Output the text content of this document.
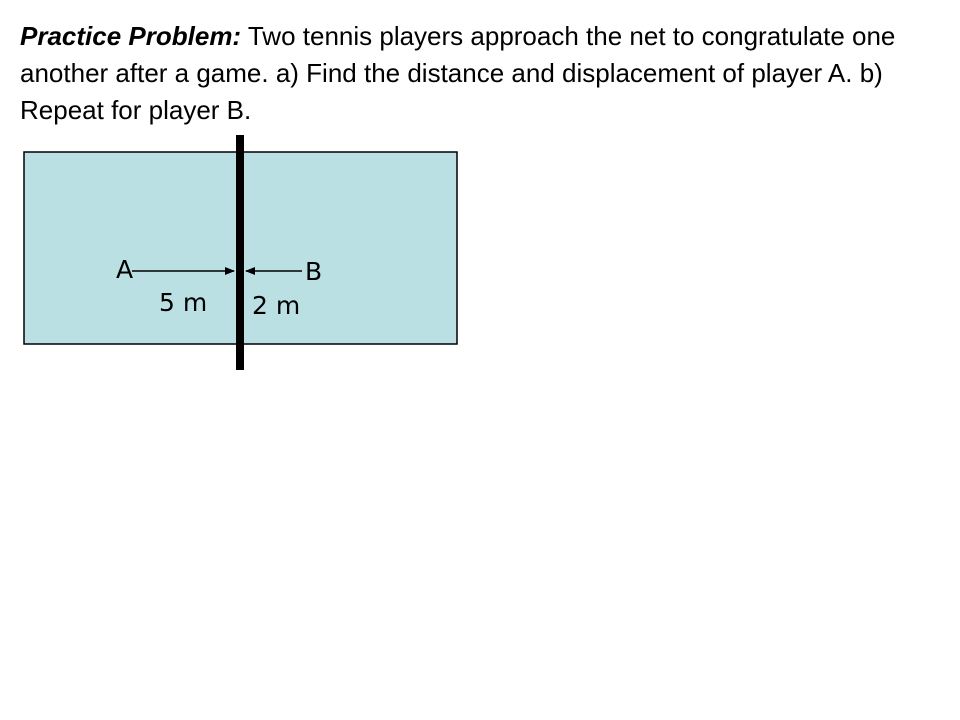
Practice Problem: Two tennis players approach the net to congratulate one another after a game. a) Find the distance and displacement of player A. b) Repeat for player B.

A	B
5 m 2 m
